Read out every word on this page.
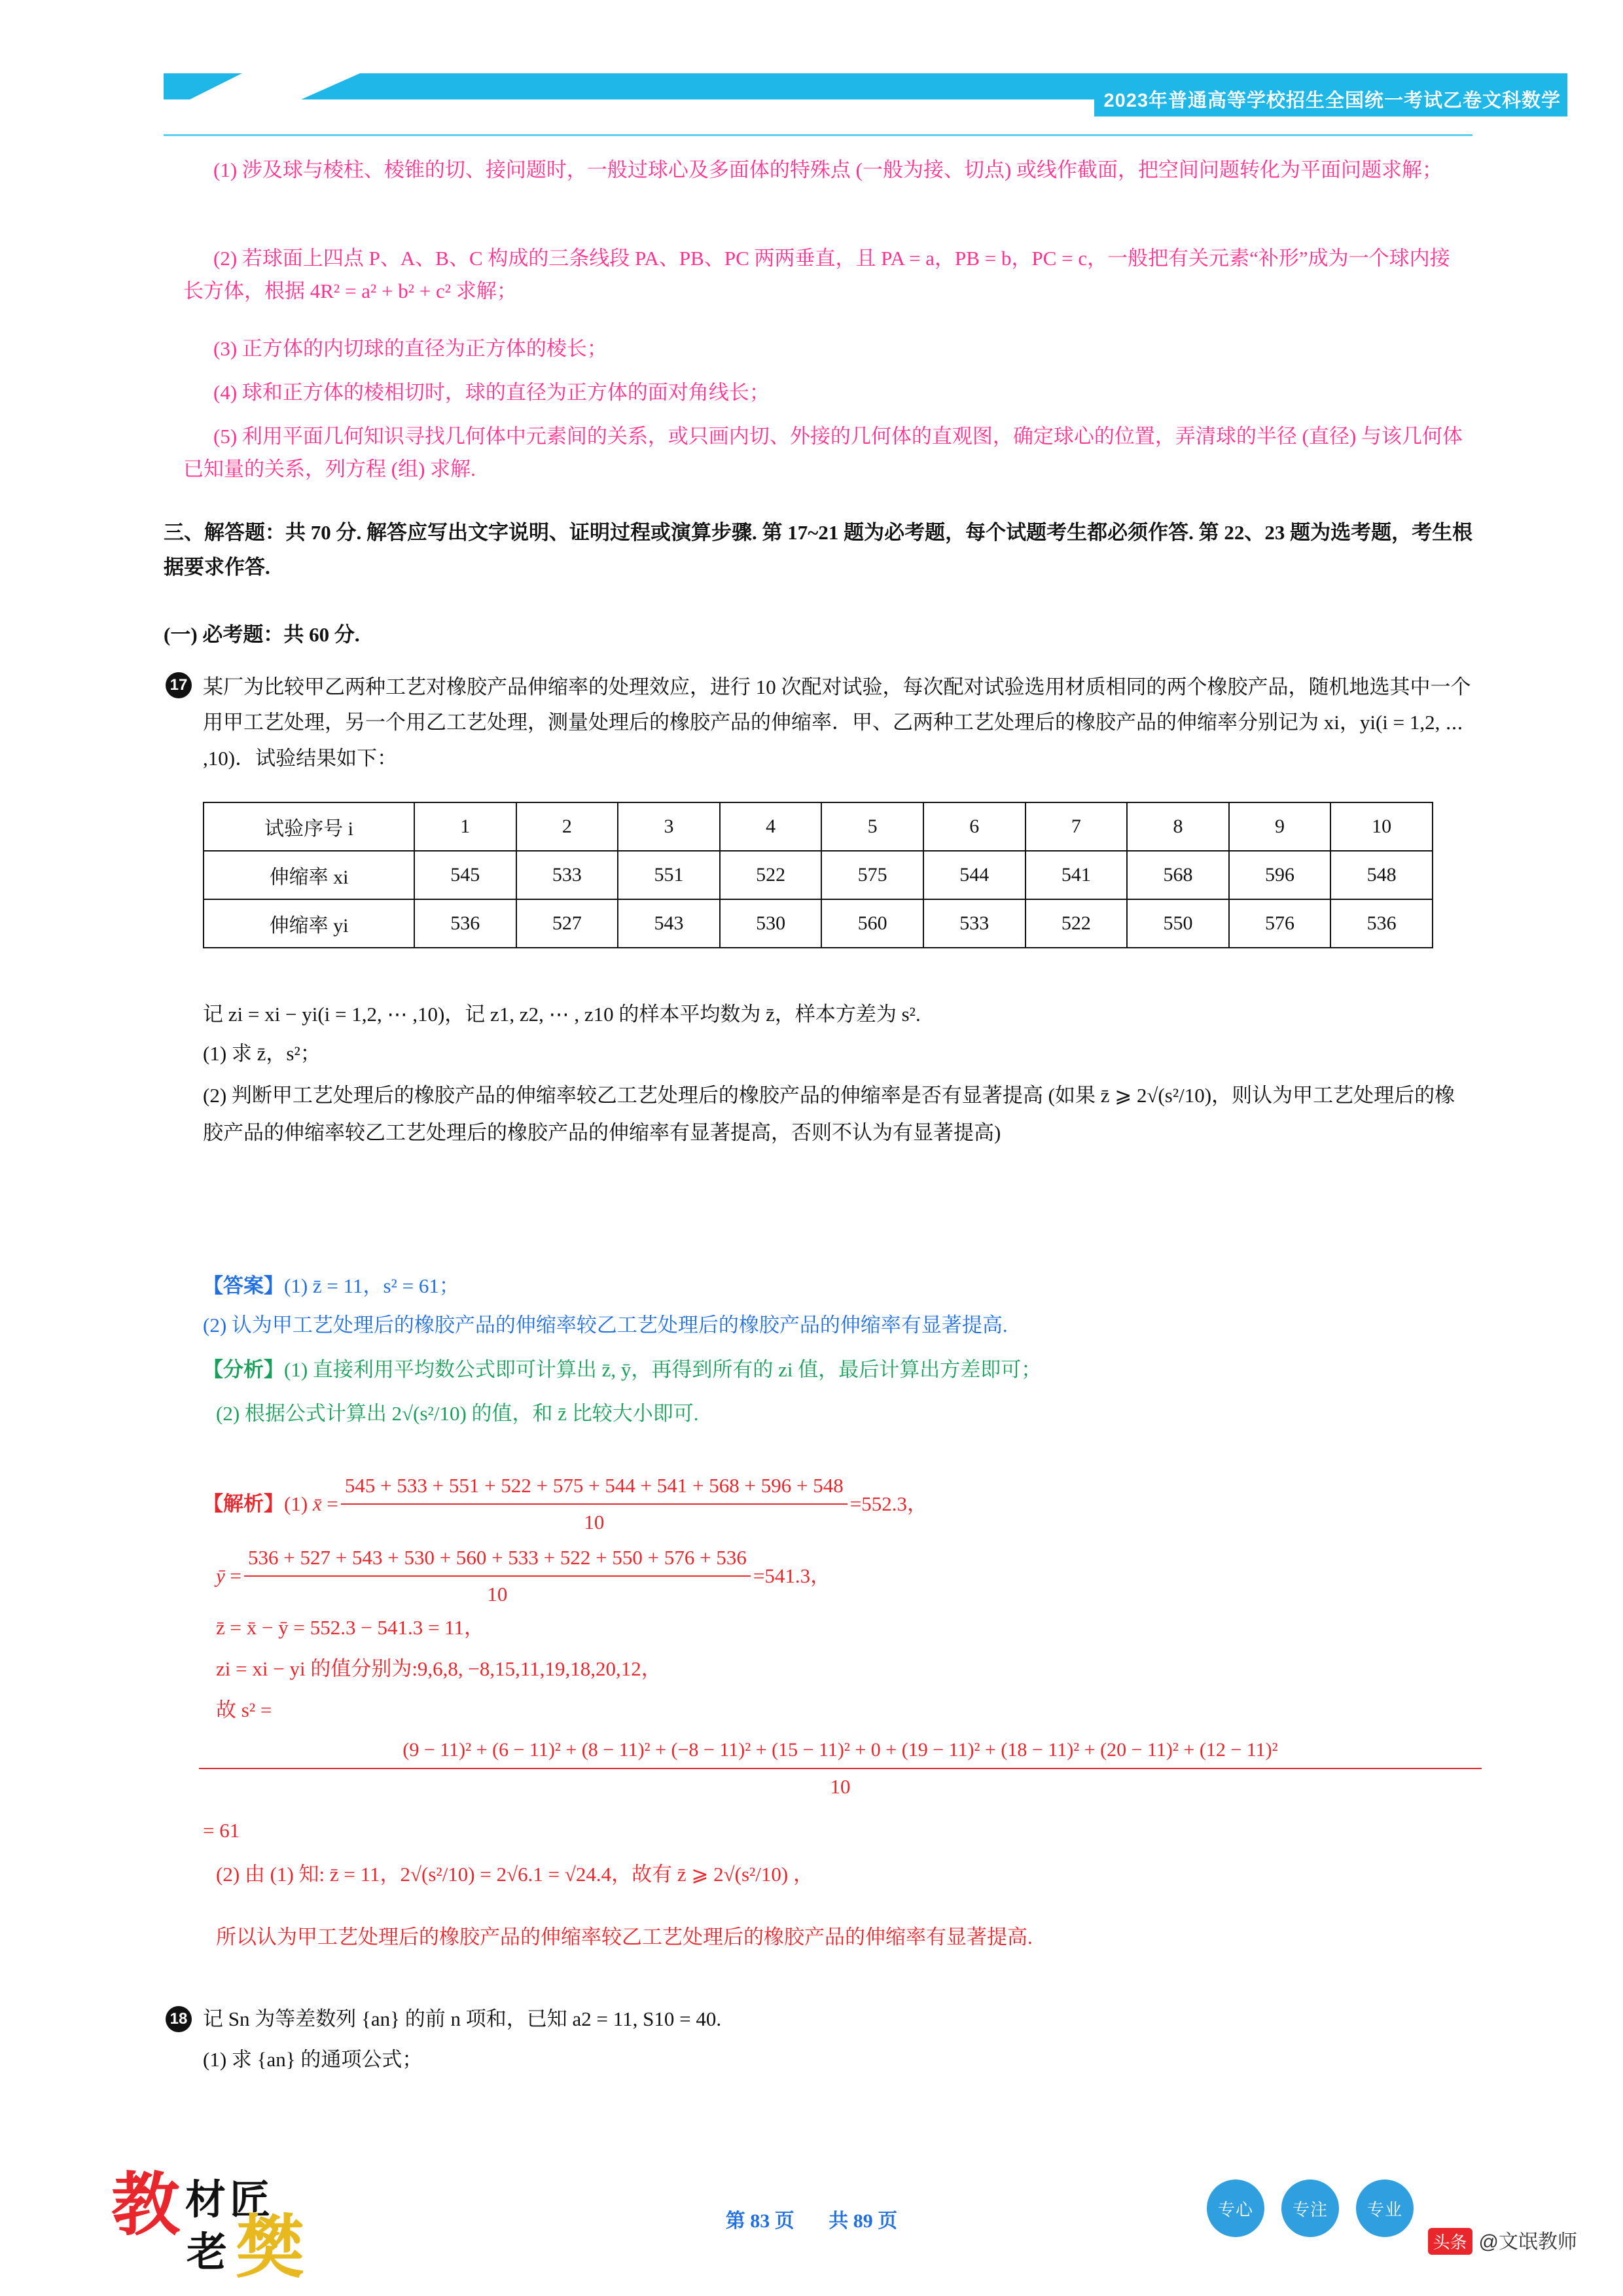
2023年普通高等学校招生全国统一考试乙卷文科数学
(1) 涉及球与棱柱、棱锥的切、接问题时，一般过球心及多面体的特殊点 (一般为接、切点) 或线作截面，把空间问题转化为平面问题求解；
(2) 若球面上四点 P、A、B、C 构成的三条线段 PA、PB、PC 两两垂直，且 PA = a，PB = b，PC = c，一般把有关元素“补形”成为一个球内接长方体，根据 4R² = a² + b² + c² 求解；
(3) 正方体的内切球的直径为正方体的棱长；
(4) 球和正方体的棱相切时，球的直径为正方体的面对角线长；
(5) 利用平面几何知识寻找几何体中元素间的关系，或只画内切、外接的几何体的直观图，确定球心的位置，弄清球的半径 (直径) 与该几何体已知量的关系，列方程 (组) 求解.
三、解答题：共 70 分. 解答应写出文字说明、证明过程或演算步骤. 第 17~21 题为必考题，每个试题考生都必须作答. 第 22、23 题为选考题，考生根据要求作答.
(一) 必考题：共 60 分.
17 某厂为比较甲乙两种工艺对橡胶产品伸缩率的处理效应，进行 10 次配对试验，每次配对试验选用材质相同的两个橡胶产品，随机地选其中一个用甲工艺处理，另一个用乙工艺处理，测量处理后的橡胶产品的伸缩率．甲、乙两种工艺处理后的橡胶产品的伸缩率分别记为 xi，yi(i = 1,2, ⋯ ,10)．试验结果如下：
试验序号 i	1	2	3	4	5	6	7	8	9	10
伸缩率 xi	545	533	551	522	575	544	541	568	596	548
伸缩率 yi	536	527	543	530	560	533	522	550	576	536
记 zi = xi − yi(i = 1,2, ⋯ ,10)，记 z1, z2, ⋯ , z10 的样本平均数为 z̄，样本方差为 s².
(1) 求 z̄，s²；
(2) 判断甲工艺处理后的橡胶产品的伸缩率较乙工艺处理后的橡胶产品的伸缩率是否有显著提高 (如果 z̄ ⩾ 2√(s²/10)，则认为甲工艺处理后的橡胶产品的伸缩率较乙工艺处理后的橡胶产品的伸缩率有显著提高，否则不认为有显著提高)
【答案】(1) z̄ = 11，s² = 61；
(2) 认为甲工艺处理后的橡胶产品的伸缩率较乙工艺处理后的橡胶产品的伸缩率有显著提高.
【分析】(1) 直接利用平均数公式即可计算出 z̄, ȳ，再得到所有的 zi 值，最后计算出方差即可；
(2) 根据公式计算出 2√(s²/10) 的值，和 z̄ 比较大小即可.
【解析】 (1) x̄ = $\frac{545 + 533 + 551 + 522 + 575 + 544 + 541 + 568 + 596 + 548}{10} = 552.3$，
ȳ = $\frac{536 + 527 + 543 + 530 + 560 + 533 + 522 + 550 + 576 + 536}{10} = 541.3$，
z̄ = x̄ − ȳ = 552.3 − 541.3 = 11，
zi = xi − yi 的值分别为:9,6,8, −8,15,11,19,18,20,12，
故 s² =
(9 − 11)² + (6 − 11)² + (8 − 11)² + (−8 − 11)² + (15 − 11)² + 0 + (19 − 11)² + (18 − 11)² + (20 − 11)² + (12 − 11)²
10
= 61
(2) 由 (1) 知: z̄ = 11，2√(s²/10) = 2√6.1 = √24.4，故有 z̄ ⩾ 2√(s²/10) ，
所以认为甲工艺处理后的橡胶产品的伸缩率较乙工艺处理后的橡胶产品的伸缩率有显著提高.
18 记 Sn 为等差数列 {an} 的前 n 项和，已知 a2 = 11, S10 = 40.
(1) 求 {an} 的通项公式；
教 材 匠
老 樊	第 83 页 共 89 页
专心	专注	专业
头条 @文氓教师
